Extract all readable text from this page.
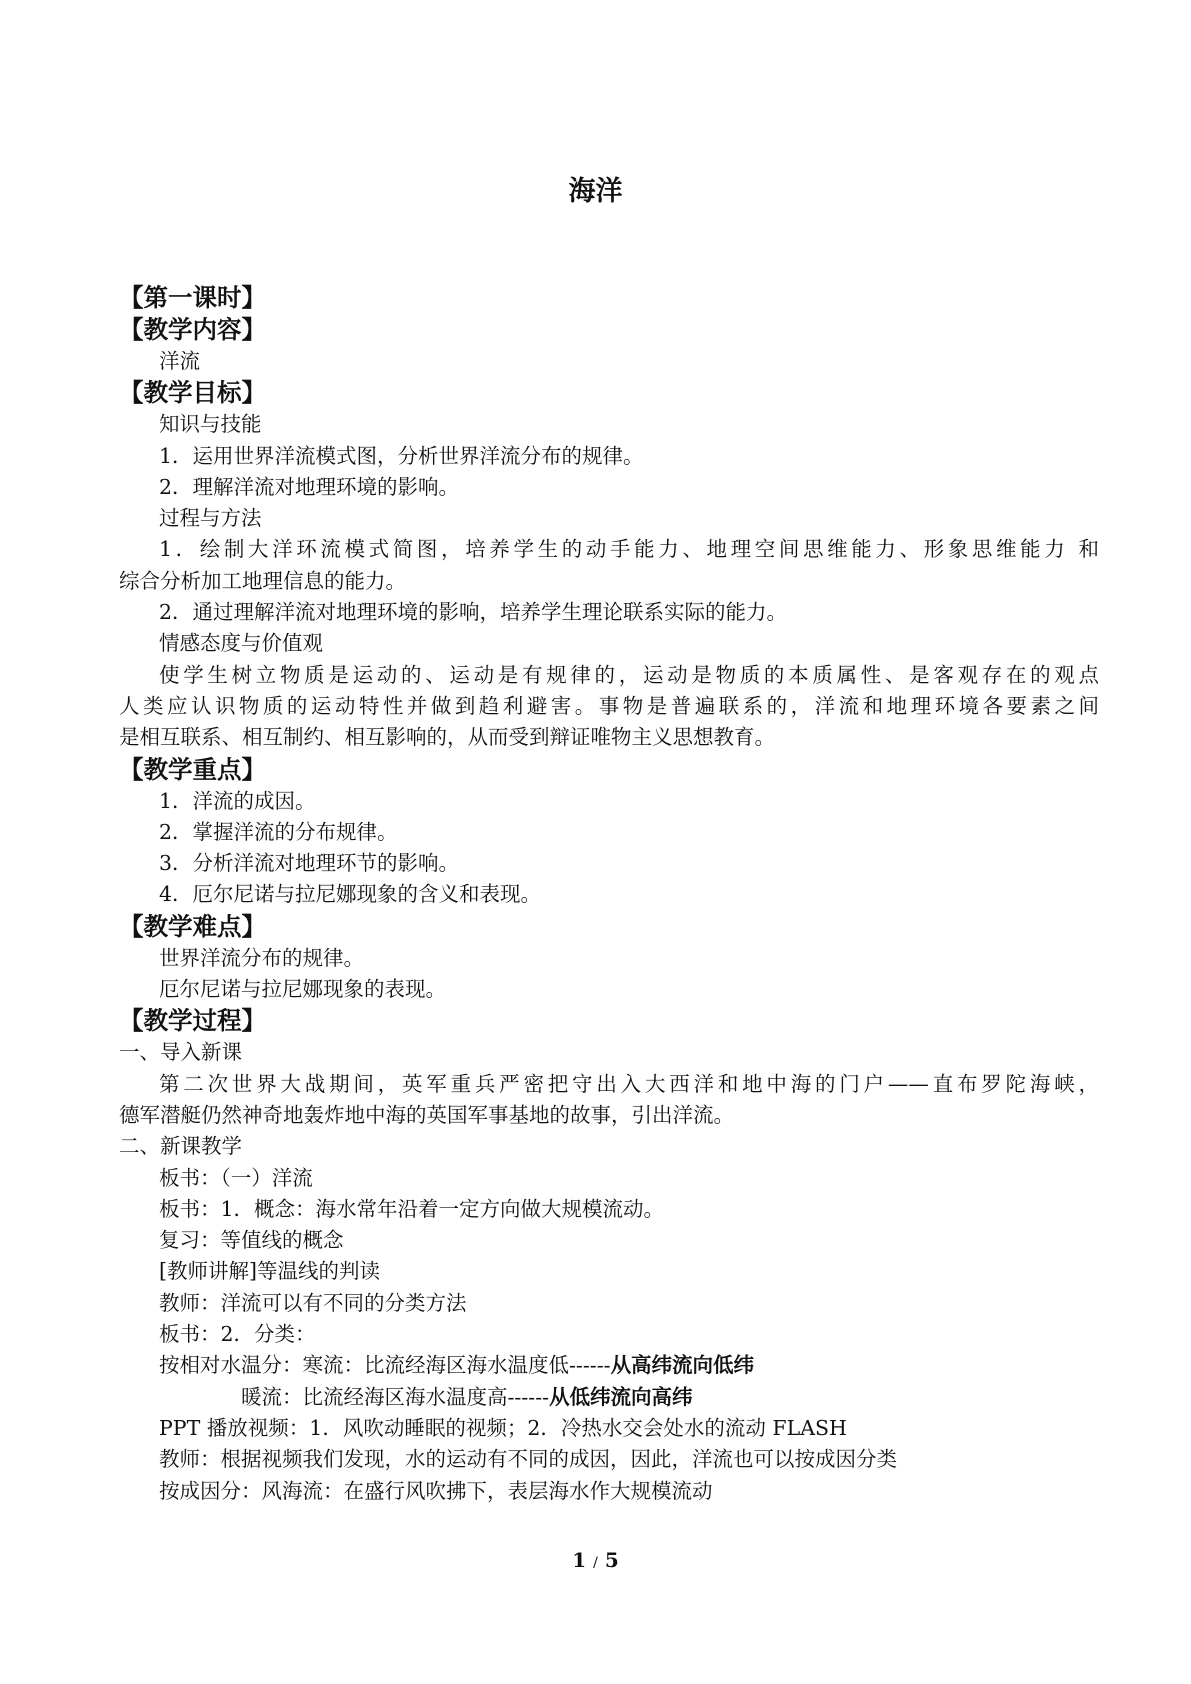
海洋
【第一课时】
【教学内容】
洋流
【教学目标】
知识与技能
1．运用世界洋流模式图，分析世界洋流分布的规律。
2．理解洋流对地理环境的影响。
过程与方法
1．绘制大洋环流模式简图，培养学生的动手能力、地理空间思维能力、形象思维能力 和
综合分析加工地理信息的能力。
2．通过理解洋流对地理环境的影响，培养学生理论联系实际的能力。
情感态度与价值观
使学生树立物质是运动的、运动是有规律的，运动是物质的本质属性、是客观存在的观点
人类应认识物质的运动特性并做到趋利避害。事物是普遍联系的，洋流和地理环境各要素之间
是相互联系、相互制约、相互影响的，从而受到辩证唯物主义思想教育。
【教学重点】
1．洋流的成因。
2．掌握洋流的分布规律。
3．分析洋流对地理环节的影响。
4．厄尔尼诺与拉尼娜现象的含义和表现。
【教学难点】
世界洋流分布的规律。
厄尔尼诺与拉尼娜现象的表现。
【教学过程】
一、导入新课
第二次世界大战期间，英军重兵严密把守出入大西洋和地中海的门户——直布罗陀海峡，
德军潜艇仍然神奇地轰炸地中海的英国军事基地的故事，引出洋流。
二、新课教学
板书：（一）洋流
板书：1．概念：海水常年沿着一定方向做大规模流动。
复习：等值线的概念
[教师讲解]等温线的判读
教师：洋流可以有不同的分类方法
板书：2．分类：
按相对水温分：寒流：比流经海区海水温度低------从高纬流向低纬
暖流：比流经海区海水温度高------从低纬流向高纬
PPT 播放视频：1．风吹动睡眠的视频；2．冷热水交会处水的流动 FLASH
教师：根据视频我们发现，水的运动有不同的成因，因此，洋流也可以按成因分类
按成因分：风海流：在盛行风吹拂下，表层海水作大规模流动
1 / 5
